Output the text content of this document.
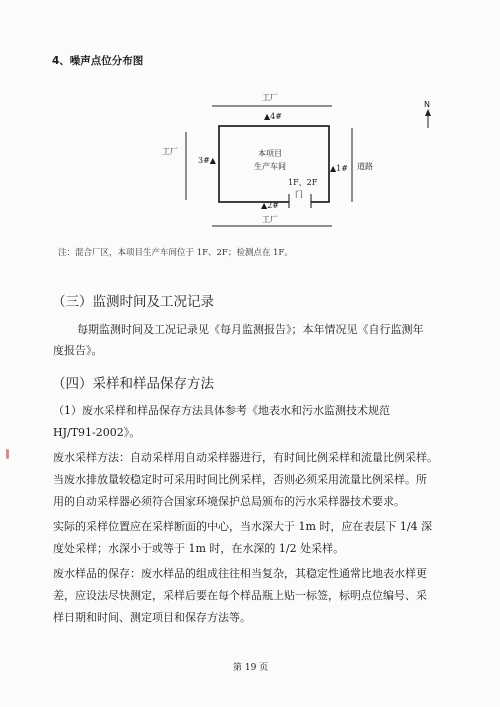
4、噪声点位分布图
工厂
工厂
工厂
道路
N
▲4#
3#▲
▲1#
▲2#
本项目
生产车间
1F、2F
门
注：混合厂区，本项目生产车间位于 1F、2F；检测点在 1F。
（三）监测时间及工况记录
每期监测时间及工况记录见《每月监测报告》；本年情况见《自行监测年
度报告》。
（四）采样和样品保存方法
（1）废水采样和样品保存方法具体参考《地表水和污水监测技术规范
HJ/T91-2002》。
废水采样方法：自动采样用自动采样器进行，有时间比例采样和流量比例采样。
当废水排放量较稳定时可采用时间比例采样，否则必须采用流量比例采样。所
用的自动采样器必须符合国家环境保护总局颁布的污水采样器技术要求。
实际的采样位置应在采样断面的中心，当水深大于 1m 时，应在表层下 1/4 深
度处采样；水深小于或等于 1m 时，在水深的 1/2 处采样。
废水样品的保存：废水样品的组成往往相当复杂，其稳定性通常比地表水样更
差，应设法尽快测定，采样后要在每个样品瓶上贴一标签，标明点位编号、采
样日期和时间、测定项目和保存方法等。
第 19 页
